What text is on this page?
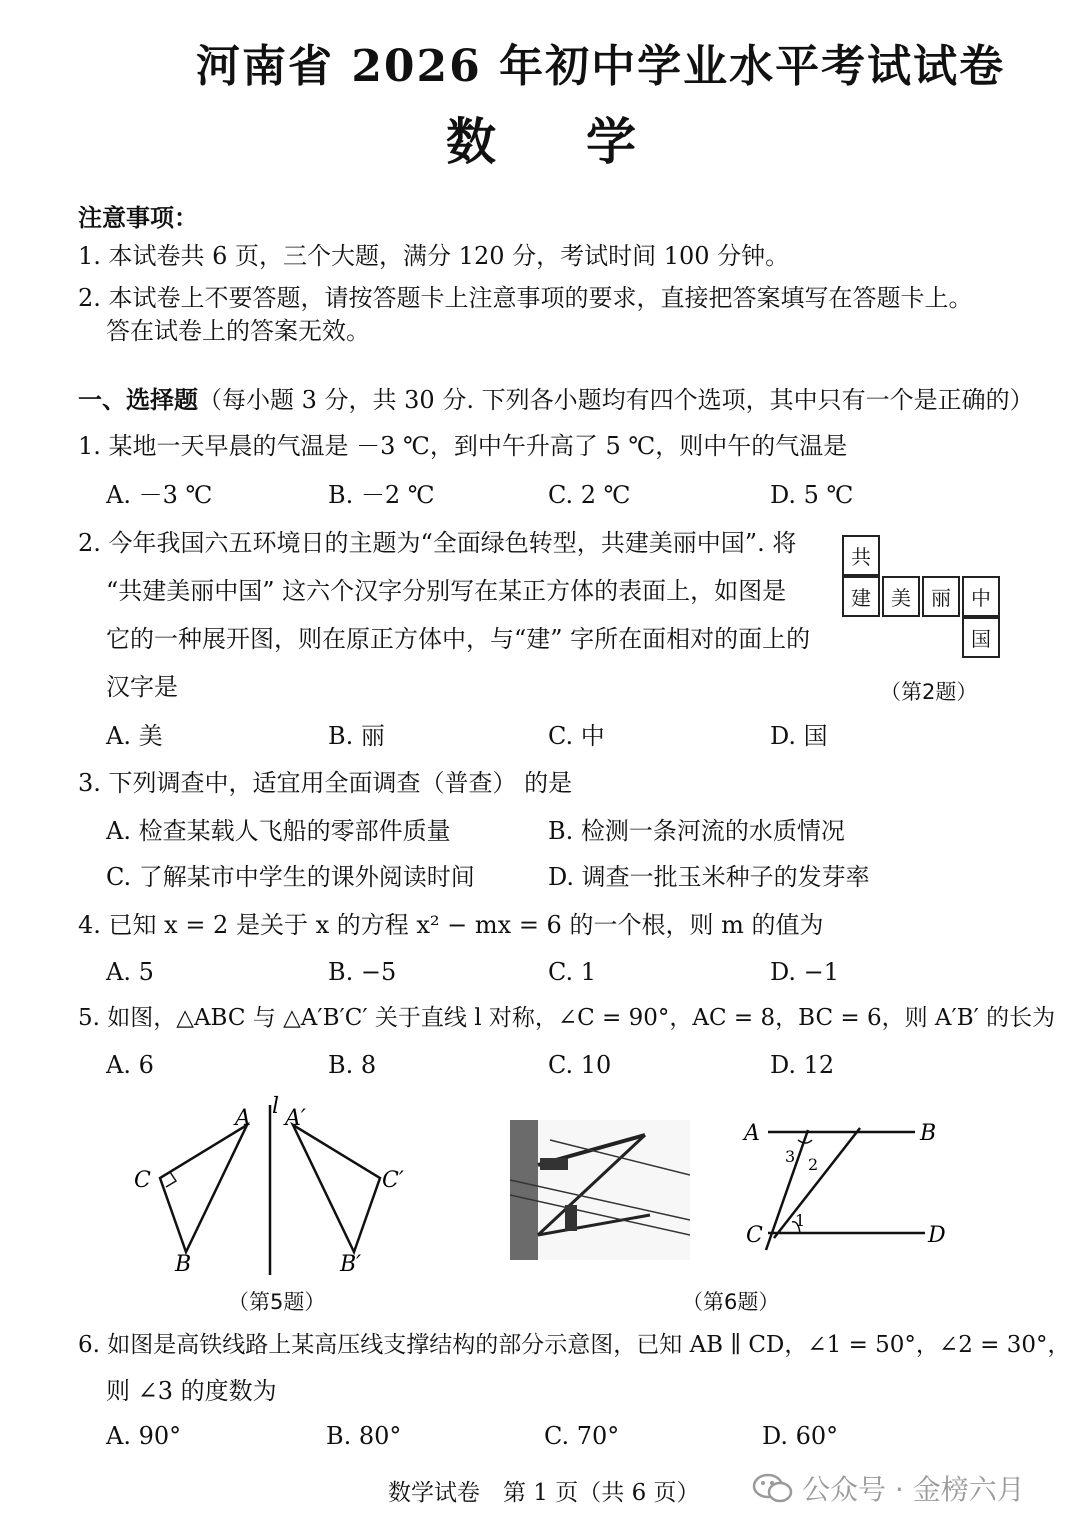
河南省 2026 年初中学业水平考试试卷
数学
注意事项：
1. 本试卷共 6 页，三个大题，满分 120 分，考试时间 100 分钟。
2. 本试卷上不要答题，请按答题卡上注意事项的要求，直接把答案填写在答题卡上。
答在试卷上的答案无效。
一、选择题（每小题 3 分，共 30 分. 下列各小题均有四个选项，其中只有一个是正确的）
1. 某地一天早晨的气温是 －3 ℃，到中午升高了 5 ℃，则中午的气温是
A. －3 ℃	B. －2 ℃	C. 2 ℃	D. 5 ℃
2. 今年我国六五环境日的主题为“全面绿色转型，共建美丽中国”. 将
“共建美丽中国” 这六个汉字分别写在某正方体的表面上，如图是
它的一种展开图，则在原正方体中，与“建” 字所在面相对的面上的
汉字是
A. 美	B. 丽	C. 中	D. 国
共
建	美	丽	中
国
（第2题）
3. 下列调查中，适宜用全面调查（普查） 的是
A. 检查某载人飞船的零部件质量	B. 检测一条河流的水质情况
C. 了解某市中学生的课外阅读时间	D. 调查一批玉米种子的发芽率
4. 已知 x = 2 是关于 x 的方程 x² − mx = 6 的一个根，则 m 的值为
A. 5	B. −5	C. 1	D. −1
5. 如图，△ABC 与 △A′B′C′ 关于直线 l 对称，∠C = 90°，AC = 8，BC = 6，则 A′B′ 的长为
A. 6	B. 8	C. 10	D. 12
A
B
C
l A′
B′
C′
（第5题）
A	B
C	D
1
2
3
（第6题）
6. 如图是高铁线路上某高压线支撑结构的部分示意图，已知 AB ∥ CD，∠1 = 50°，∠2 = 30°，
则 ∠3 的度数为
A. 90°	B. 80°	C. 70°	D. 60°
数学试卷　第 1 页（共 6 页）	公众号 · 金榜六月
